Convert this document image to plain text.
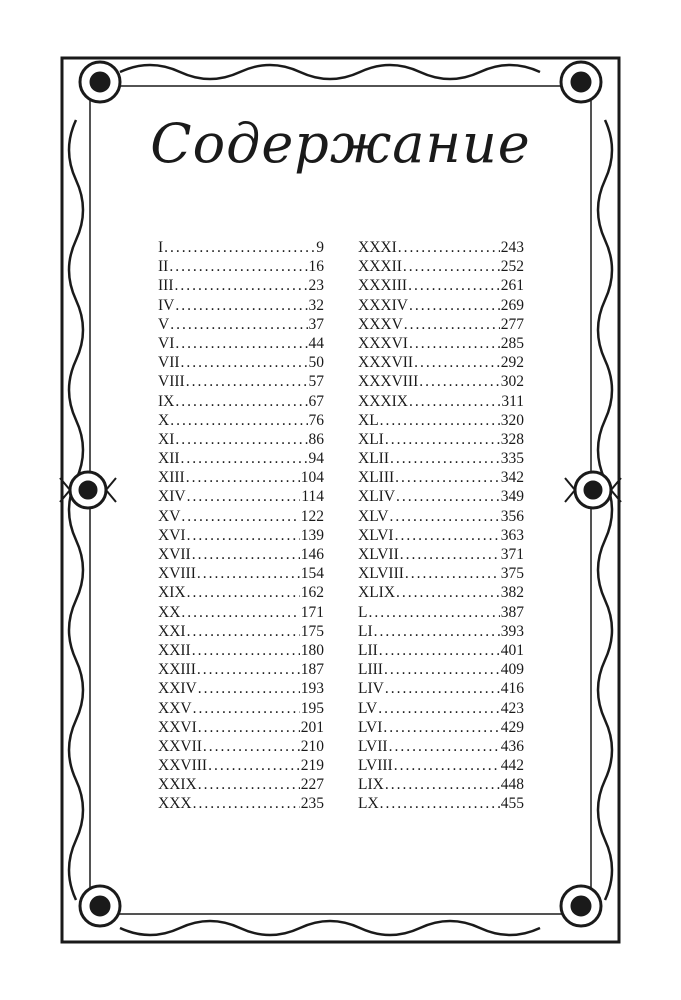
Содержание
I .....	9
II .....	16
III .....	23
IV .....	32
V .....	37
VI .....	44
VII .....	50
VIII .....	57
IX .....	67
X .....	76
XI .....	86
XII .....	94
XIII .....	104
XIV .....	114
XV .....	122
XVI .....	139
XVII .....	146
XVIII .....	154
XIX .....	162
XX .....	171
XXI .....	175
XXII .....	180
XXIII .....	187
XXIV .....	193
XXV .....	195
XXVI .....	201
XXVII .....	210
XXVIII .....	219
XXIX .....	227
XXX .....	235
XXXI .....	243
XXXII .....	252
XXXIII .....	261
XXXIV .....	269
XXXV .....	277
XXXVI .....	285
XXXVII .....	292
XXXVIII .....	302
XXXIX .....	311
XL .....	320
XLI .....	328
XLII .....	335
XLIII .....	342
XLIV .....	349
XLV .....	356
XLVI .....	363
XLVII .....	371
XLVIII .....	375
XLIX .....	382
L .....	387
LI .....	393
LII .....	401
LIII .....	409
LIV .....	416
LV .....	423
LVI .....	429
LVII .....	436
LVIII .....	442
LIX .....	448
LX .....	455
